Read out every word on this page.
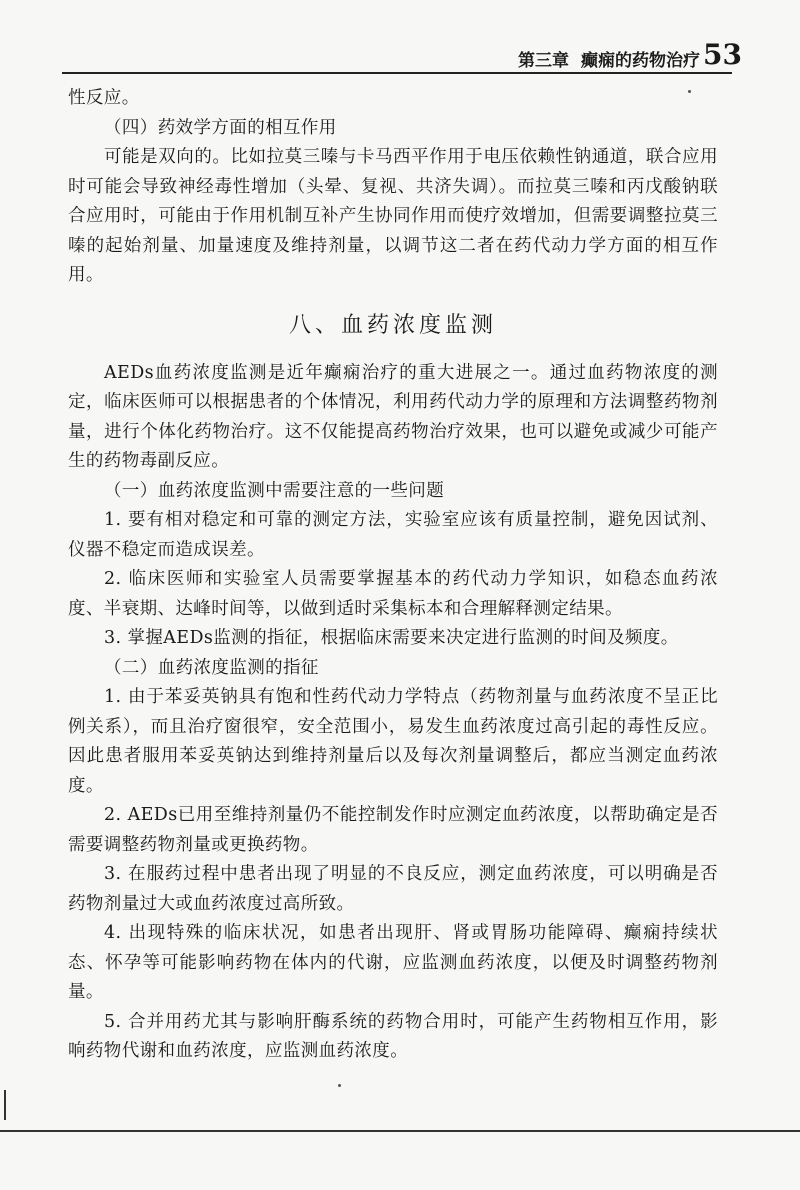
第三章 癫痫的药物治疗 53

性反应。

（四）药效学方面的相互作用

可能是双向的。比如拉莫三嗪与卡马西平作用于电压依赖性钠通道，联合应用时可能会导致神经毒性增加（头晕、复视、共济失调）。而拉莫三嗪和丙戊酸钠联合应用时，可能由于作用机制互补产生协同作用而使疗效增加，但需要调整拉莫三嗪的起始剂量、加量速度及维持剂量，以调节这二者在药代动力学方面的相互作用。

八、血药浓度监测

AEDs血药浓度监测是近年癫痫治疗的重大进展之一。通过血药物浓度的测定，临床医师可以根据患者的个体情况，利用药代动力学的原理和方法调整药物剂量，进行个体化药物治疗。这不仅能提高药物治疗效果，也可以避免或减少可能产生的药物毒副反应。

（一）血药浓度监测中需要注意的一些问题

1. 要有相对稳定和可靠的测定方法，实验室应该有质量控制，避免因试剂、仪器不稳定而造成误差。

2. 临床医师和实验室人员需要掌握基本的药代动力学知识，如稳态血药浓度、半衰期、达峰时间等，以做到适时采集标本和合理解释测定结果。

3. 掌握AEDs监测的指征，根据临床需要来决定进行监测的时间及频度。

（二）血药浓度监测的指征

1. 由于苯妥英钠具有饱和性药代动力学特点（药物剂量与血药浓度不呈正比例关系），而且治疗窗很窄，安全范围小，易发生血药浓度过高引起的毒性反应。因此患者服用苯妥英钠达到维持剂量后以及每次剂量调整后，都应当测定血药浓度。

2. AEDs已用至维持剂量仍不能控制发作时应测定血药浓度，以帮助确定是否需要调整药物剂量或更换药物。

3. 在服药过程中患者出现了明显的不良反应，测定血药浓度，可以明确是否药物剂量过大或血药浓度过高所致。

4. 出现特殊的临床状况，如患者出现肝、肾或胃肠功能障碍、癫痫持续状态、怀孕等可能影响药物在体内的代谢，应监测血药浓度，以便及时调整药物剂量。

5. 合并用药尤其与影响肝酶系统的药物合用时，可能产生药物相互作用，影响药物代谢和血药浓度，应监测血药浓度。
